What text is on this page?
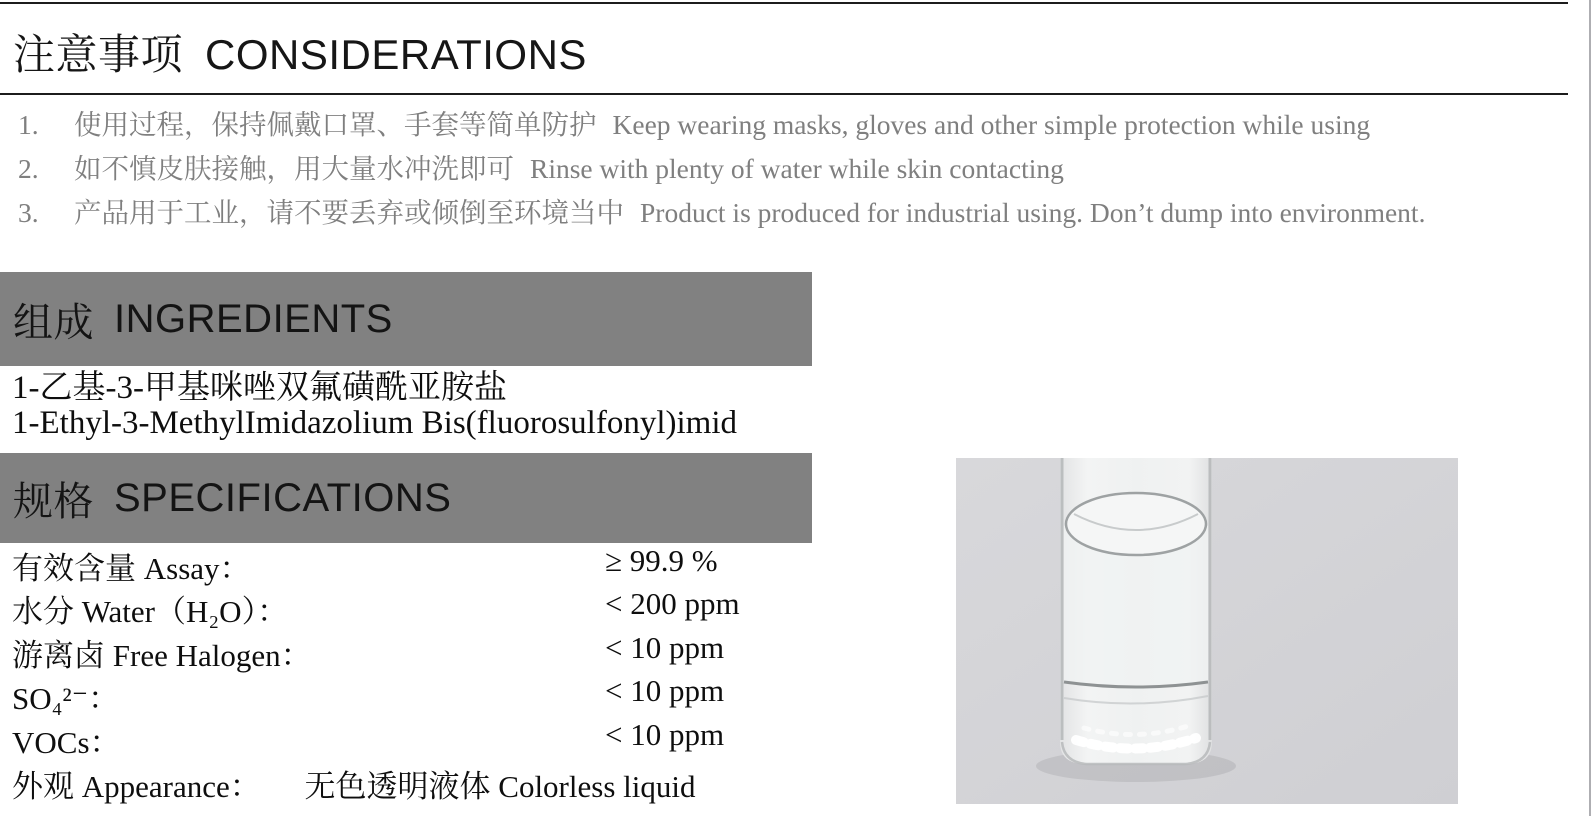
注意事项 CONSIDERATIONS
1.	使用过程，保持佩戴口罩、手套等简单防护 Keep wearing masks, gloves and other simple protection while using
2.	如不慎皮肤接触，用大量水冲洗即可 Rinse with plenty of water while skin contacting
3.	产品用于工业，请不要丢弃或倾倒至环境当中 Product is produced for industrial using. Don’t dump into environment.
组成 INGREDIENTS
1-乙基-3-甲基咪唑双氟磺酰亚胺盐
1-Ethyl-3-MethylImidazolium Bis(fluorosulfonyl)imid
规格 SPECIFICATIONS
有效含量 Assay：	≥ 99.9 %
水分 Water（H₂O）：	< 200 ppm
游离卤 Free Halogen：	< 10 ppm
SO₄²⁻：	< 10 ppm
VOCs：	< 10 ppm
外观 Appearance： 无色透明液体 Colorless liquid
